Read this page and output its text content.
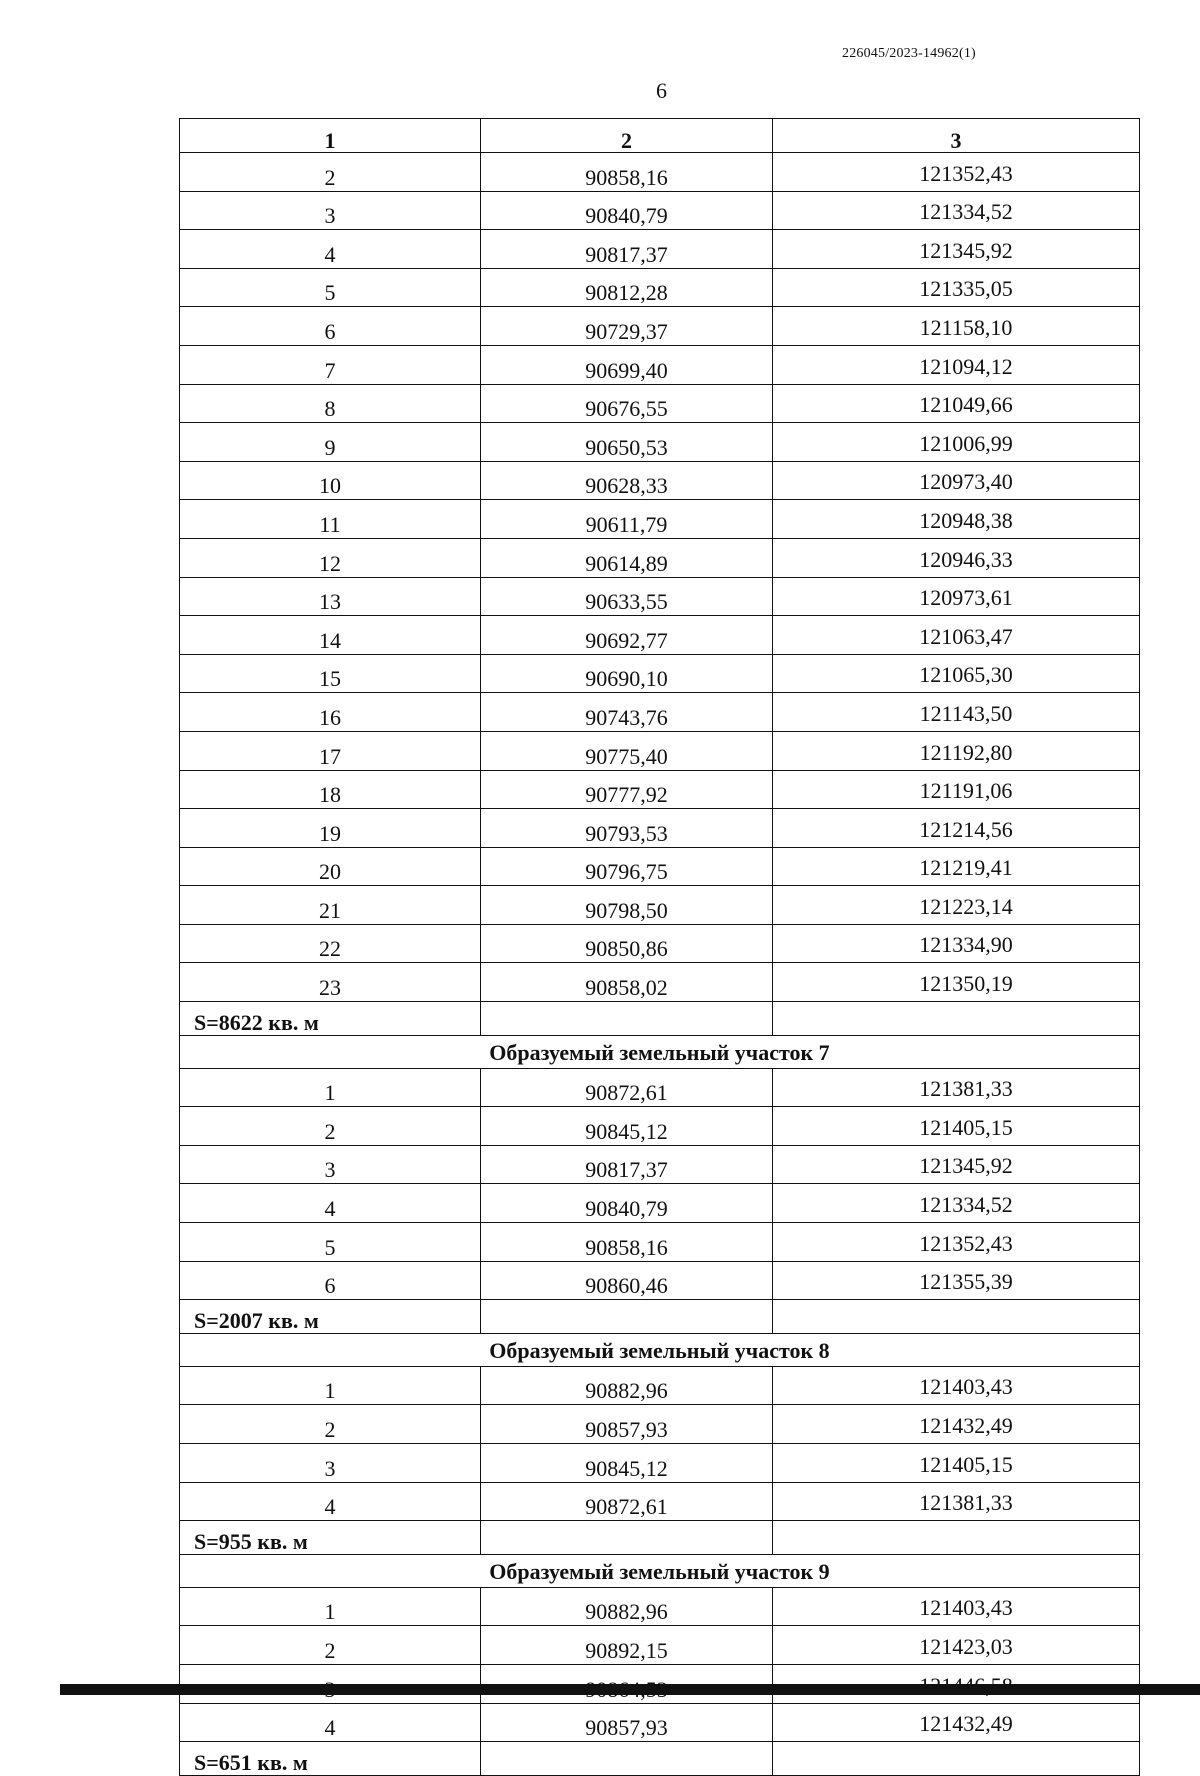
226045/2023-14962(1)
6
1	2	3
2	90858,16	121352,43
3	90840,79	121334,52
4	90817,37	121345,92
5	90812,28	121335,05
6	90729,37	121158,10
7	90699,40	121094,12
8	90676,55	121049,66
9	90650,53	121006,99
10	90628,33	120973,40
11	90611,79	120948,38
12	90614,89	120946,33
13	90633,55	120973,61
14	90692,77	121063,47
15	90690,10	121065,30
16	90743,76	121143,50
17	90775,40	121192,80
18	90777,92	121191,06
19	90793,53	121214,56
20	90796,75	121219,41
21	90798,50	121223,14
22	90850,86	121334,90
23	90858,02	121350,19
S=8622 кв. м		
Образуемый земельный участок 7		
1	90872,61	121381,33
2	90845,12	121405,15
3	90817,37	121345,92
4	90840,79	121334,52
5	90858,16	121352,43
6	90860,46	121355,39
S=2007 кв. м		
Образуемый земельный участок 8		
1	90882,96	121403,43
2	90857,93	121432,49
3	90845,12	121405,15
4	90872,61	121381,33
S=955 кв. м		
Образуемый земельный участок 9		
1	90882,96	121403,43
2	90892,15	121423,03

4	90857,93	121432,49
S=651 кв. м		
